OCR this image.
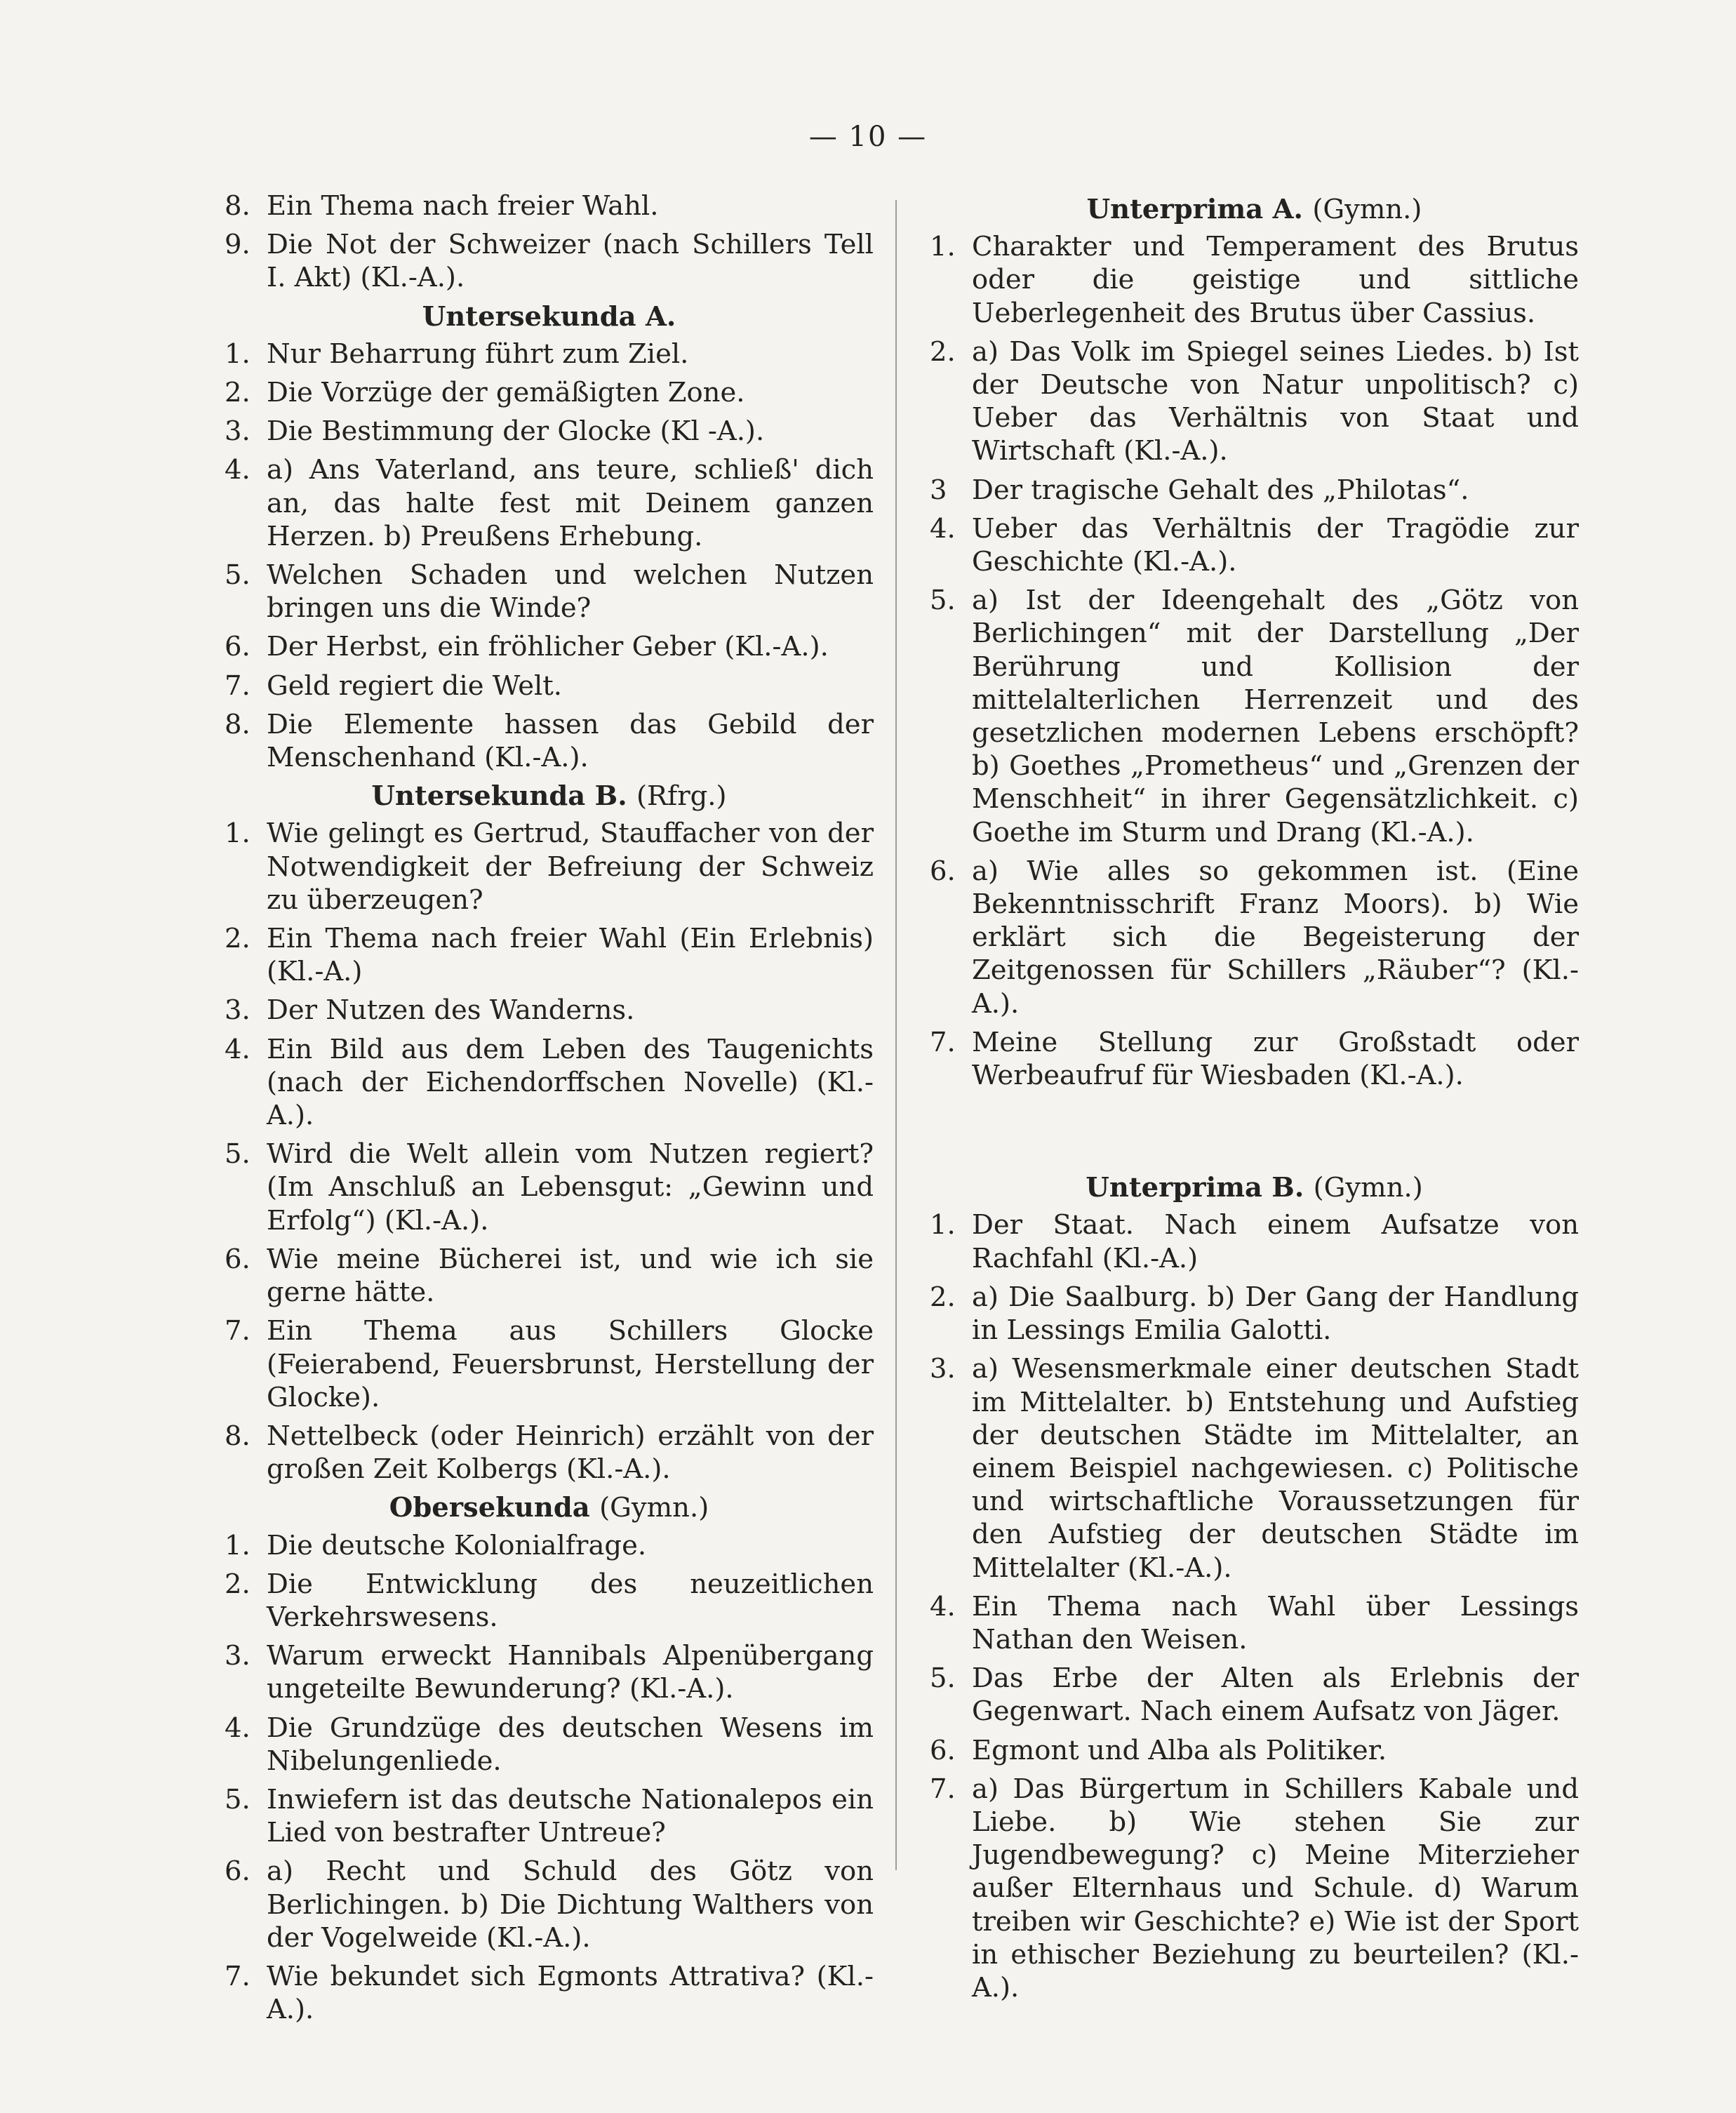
— 10 —
8. Ein Thema nach freier Wahl.
9. Die Not der Schweizer (nach Schillers Tell I. Akt) (Kl.-A.).
Untersekunda A.
1. Nur Beharrung führt zum Ziel.
2. Die Vorzüge der gemäßigten Zone.
3. Die Bestimmung der Glocke (Kl -A.).
4. a) Ans Vaterland, ans teure, schließ' dich an, das halte fest mit Deinem ganzen Herzen. b) Preußens Erhebung.
5. Welchen Schaden und welchen Nutzen bringen uns die Winde?
6. Der Herbst, ein fröhlicher Geber (Kl.-A.).
7. Geld regiert die Welt.
8. Die Elemente hassen das Gebild der Menschenhand (Kl.-A.).
Untersekunda B. (Rfrg.)
1. Wie gelingt es Gertrud, Stauffacher von der Notwendigkeit der Befreiung der Schweiz zu überzeugen?
2. Ein Thema nach freier Wahl (Ein Erlebnis) (Kl.-A.)
3. Der Nutzen des Wanderns.
4. Ein Bild aus dem Leben des Taugenichts (nach der Eichendorffschen Novelle) (Kl.-A.).
5. Wird die Welt allein vom Nutzen regiert? (Im Anschluß an Lebensgut: „Gewinn und Erfolg“) (Kl.-A.).
6. Wie meine Bücherei ist, und wie ich sie gerne hätte.
7. Ein Thema aus Schillers Glocke (Feierabend, Feuersbrunst, Herstellung der Glocke).
8. Nettelbeck (oder Heinrich) erzählt von der großen Zeit Kolbergs (Kl.-A.).
Obersekunda (Gymn.)
1. Die deutsche Kolonialfrage.
2. Die Entwicklung des neuzeitlichen Verkehrswesens.
3. Warum erweckt Hannibals Alpenübergang ungeteilte Bewunderung? (Kl.-A.).
4. Die Grundzüge des deutschen Wesens im Nibelungenliede.
5. Inwiefern ist das deutsche Nationalepos ein Lied von bestrafter Untreue?
6. a) Recht und Schuld des Götz von Berlichingen. b) Die Dichtung Walthers von der Vogelweide (Kl.-A.).
7. Wie bekundet sich Egmonts Attrativa? (Kl.-A.).
Unterprima A. (Gymn.)
1. Charakter und Temperament des Brutus oder die geistige und sittliche Ueberlegenheit des Brutus über Cassius.
2. a) Das Volk im Spiegel seines Liedes. b) Ist der Deutsche von Natur unpolitisch? c) Ueber das Verhältnis von Staat und Wirtschaft (Kl.-A.).
3 Der tragische Gehalt des „Philotas“.
4. Ueber das Verhältnis der Tragödie zur Geschichte (Kl.-A.).
5. a) Ist der Ideengehalt des „Götz von Berlichingen“ mit der Darstellung „Der Berührung und Kollision der mittelalterlichen Herrenzeit und des gesetzlichen modernen Lebens erschöpft? b) Goethes „Prometheus“ und „Grenzen der Menschheit“ in ihrer Gegensätzlichkeit. c) Goethe im Sturm und Drang (Kl.-A.).
6. a) Wie alles so gekommen ist. (Eine Bekenntnisschrift Franz Moors). b) Wie erklärt sich die Begeisterung der Zeitgenossen für Schillers „Räuber“? (Kl.-A.).
7. Meine Stellung zur Großstadt oder Werbeaufruf für Wiesbaden (Kl.-A.).
Unterprima B. (Gymn.)
1. Der Staat. Nach einem Aufsatze von Rachfahl (Kl.-A.)
2. a) Die Saalburg. b) Der Gang der Handlung in Lessings Emilia Galotti.
3. a) Wesensmerkmale einer deutschen Stadt im Mittelalter. b) Entstehung und Aufstieg der deutschen Städte im Mittelalter, an einem Beispiel nachgewiesen. c) Politische und wirtschaftliche Voraussetzungen für den Aufstieg der deutschen Städte im Mittelalter (Kl.-A.).
4. Ein Thema nach Wahl über Lessings Nathan den Weisen.
5. Das Erbe der Alten als Erlebnis der Gegenwart. Nach einem Aufsatz von Jäger.
6. Egmont und Alba als Politiker.
7. a) Das Bürgertum in Schillers Kabale und Liebe. b) Wie stehen Sie zur Jugendbewegung? c) Meine Miterzieher außer Elternhaus und Schule. d) Warum treiben wir Geschichte? e) Wie ist der Sport in ethischer Beziehung zu beurteilen? (Kl.-A.).
